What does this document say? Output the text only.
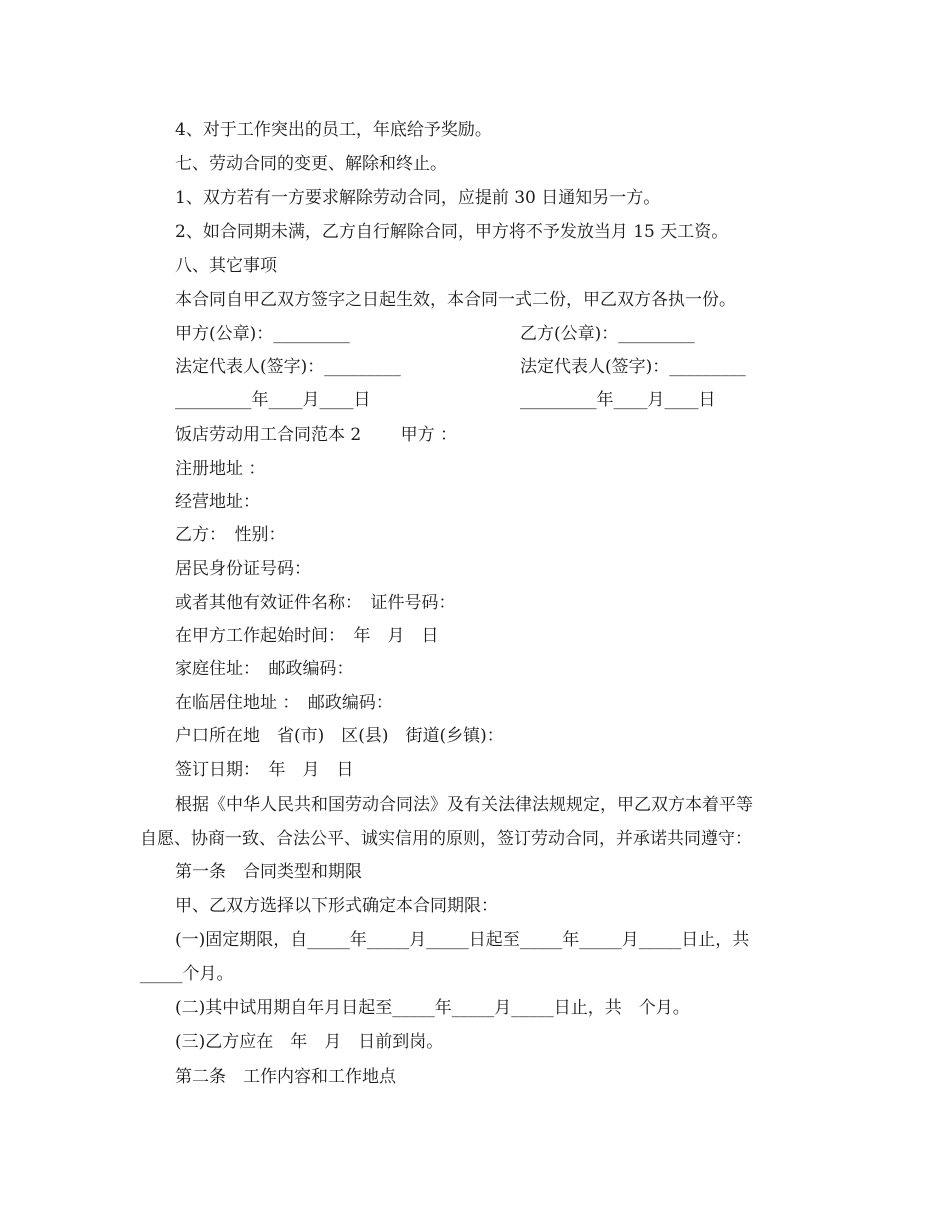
4、对于工作突出的员工，年底给予奖励。
七、劳动合同的变更、解除和终止。
1、双方若有一方要求解除劳动合同，应提前 30 日通知另一方。
2、如合同期未满，乙方自行解除合同，甲方将不予发放当月 15 天工资。
八、其它事项
本合同自甲乙双方签字之日起生效，本合同一式二份，甲乙双方各执一份。
甲方(公章)：_________	乙方(公章)：_________
法定代表人(签字)：_________	法定代表人(签字)：_________
_________年____月____日	_________年____月____日
饭店劳动用工合同范本 2　　 甲方 ：
注册地址 ：
经营地址：
乙方：　性别：
居民身份证号码：
或者其他有效证件名称：　证件号码：
在甲方工作起始时间：　年　月　日
家庭住址：　邮政编码：
在临居住地址 ：　邮政编码：
户口所在地　省(市)　区(县)　街道(乡镇)：
签订日期：　年　月　日
根据《中华人民共和国劳动合同法》及有关法律法规规定，甲乙双方本着平等
自愿、协商一致、合法公平、诚实信用的原则，签订劳动合同，并承诺共同遵守：
第一条　合同类型和期限
甲、乙双方选择以下形式确定本合同期限：
(一)固定期限，自_____年_____月_____日起至_____年_____月_____日止，共
_____个月。
(二)其中试用期自年月日起至_____年_____月_____日止，共　个月。
(三)乙方应在　年　月　日前到岗。
第二条　工作内容和工作地点
